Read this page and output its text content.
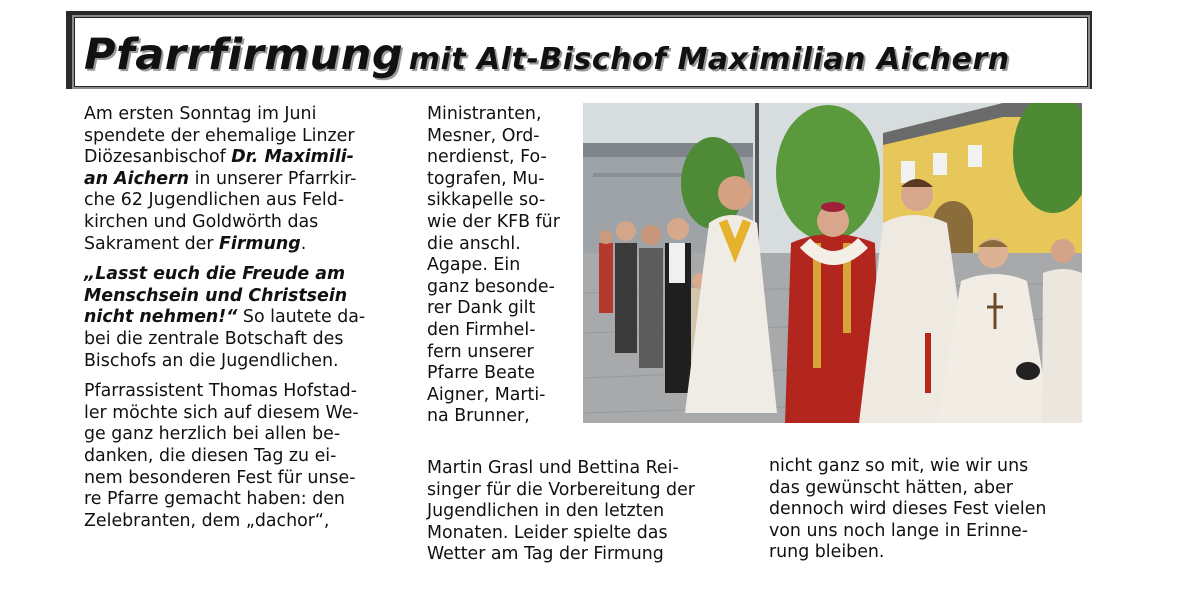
Pfarrfirmung mit Alt-Bischof Maximilian Aichern

Am ersten Sonntag im Juni
spendete der ehemalige Linzer
Diözesanbischof Dr. Maximili-
an Aichern in unserer Pfarrkir-
che 62 Jugendlichen aus Feld-
kirchen und Goldwörth das
Sakrament der Firmung.

„Lasst euch die Freude am
Menschsein und Christsein
nicht nehmen!“ So lautete da-
bei die zentrale Botschaft des
Bischofs an die Jugendlichen.

Pfarrassistent Thomas Hofstad-
ler möchte sich auf diesem We-
ge ganz herzlich bei allen be-
danken, die diesen Tag zu ei-
nem besonderen Fest für unse-
re Pfarre gemacht haben: den
Zelebranten, dem „dachor“,

Ministranten,
Mesner, Ord-
nerdienst, Fo-
tografen, Mu-
sikkapelle so-
wie der KFB für
die anschl.
Agape. Ein
ganz besonde-
rer Dank gilt
den Firmhel-
fern unserer
Pfarre Beate
Aigner, Marti-
na Brunner,

Martin Grasl und Bettina Rei-
singer für die Vorbereitung der
Jugendlichen in den letzten
Monaten. Leider spielte das
Wetter am Tag der Firmung

nicht ganz so mit, wie wir uns
das gewünscht hätten, aber
dennoch wird dieses Fest vielen
von uns noch lange in Erinne-
rung bleiben.
